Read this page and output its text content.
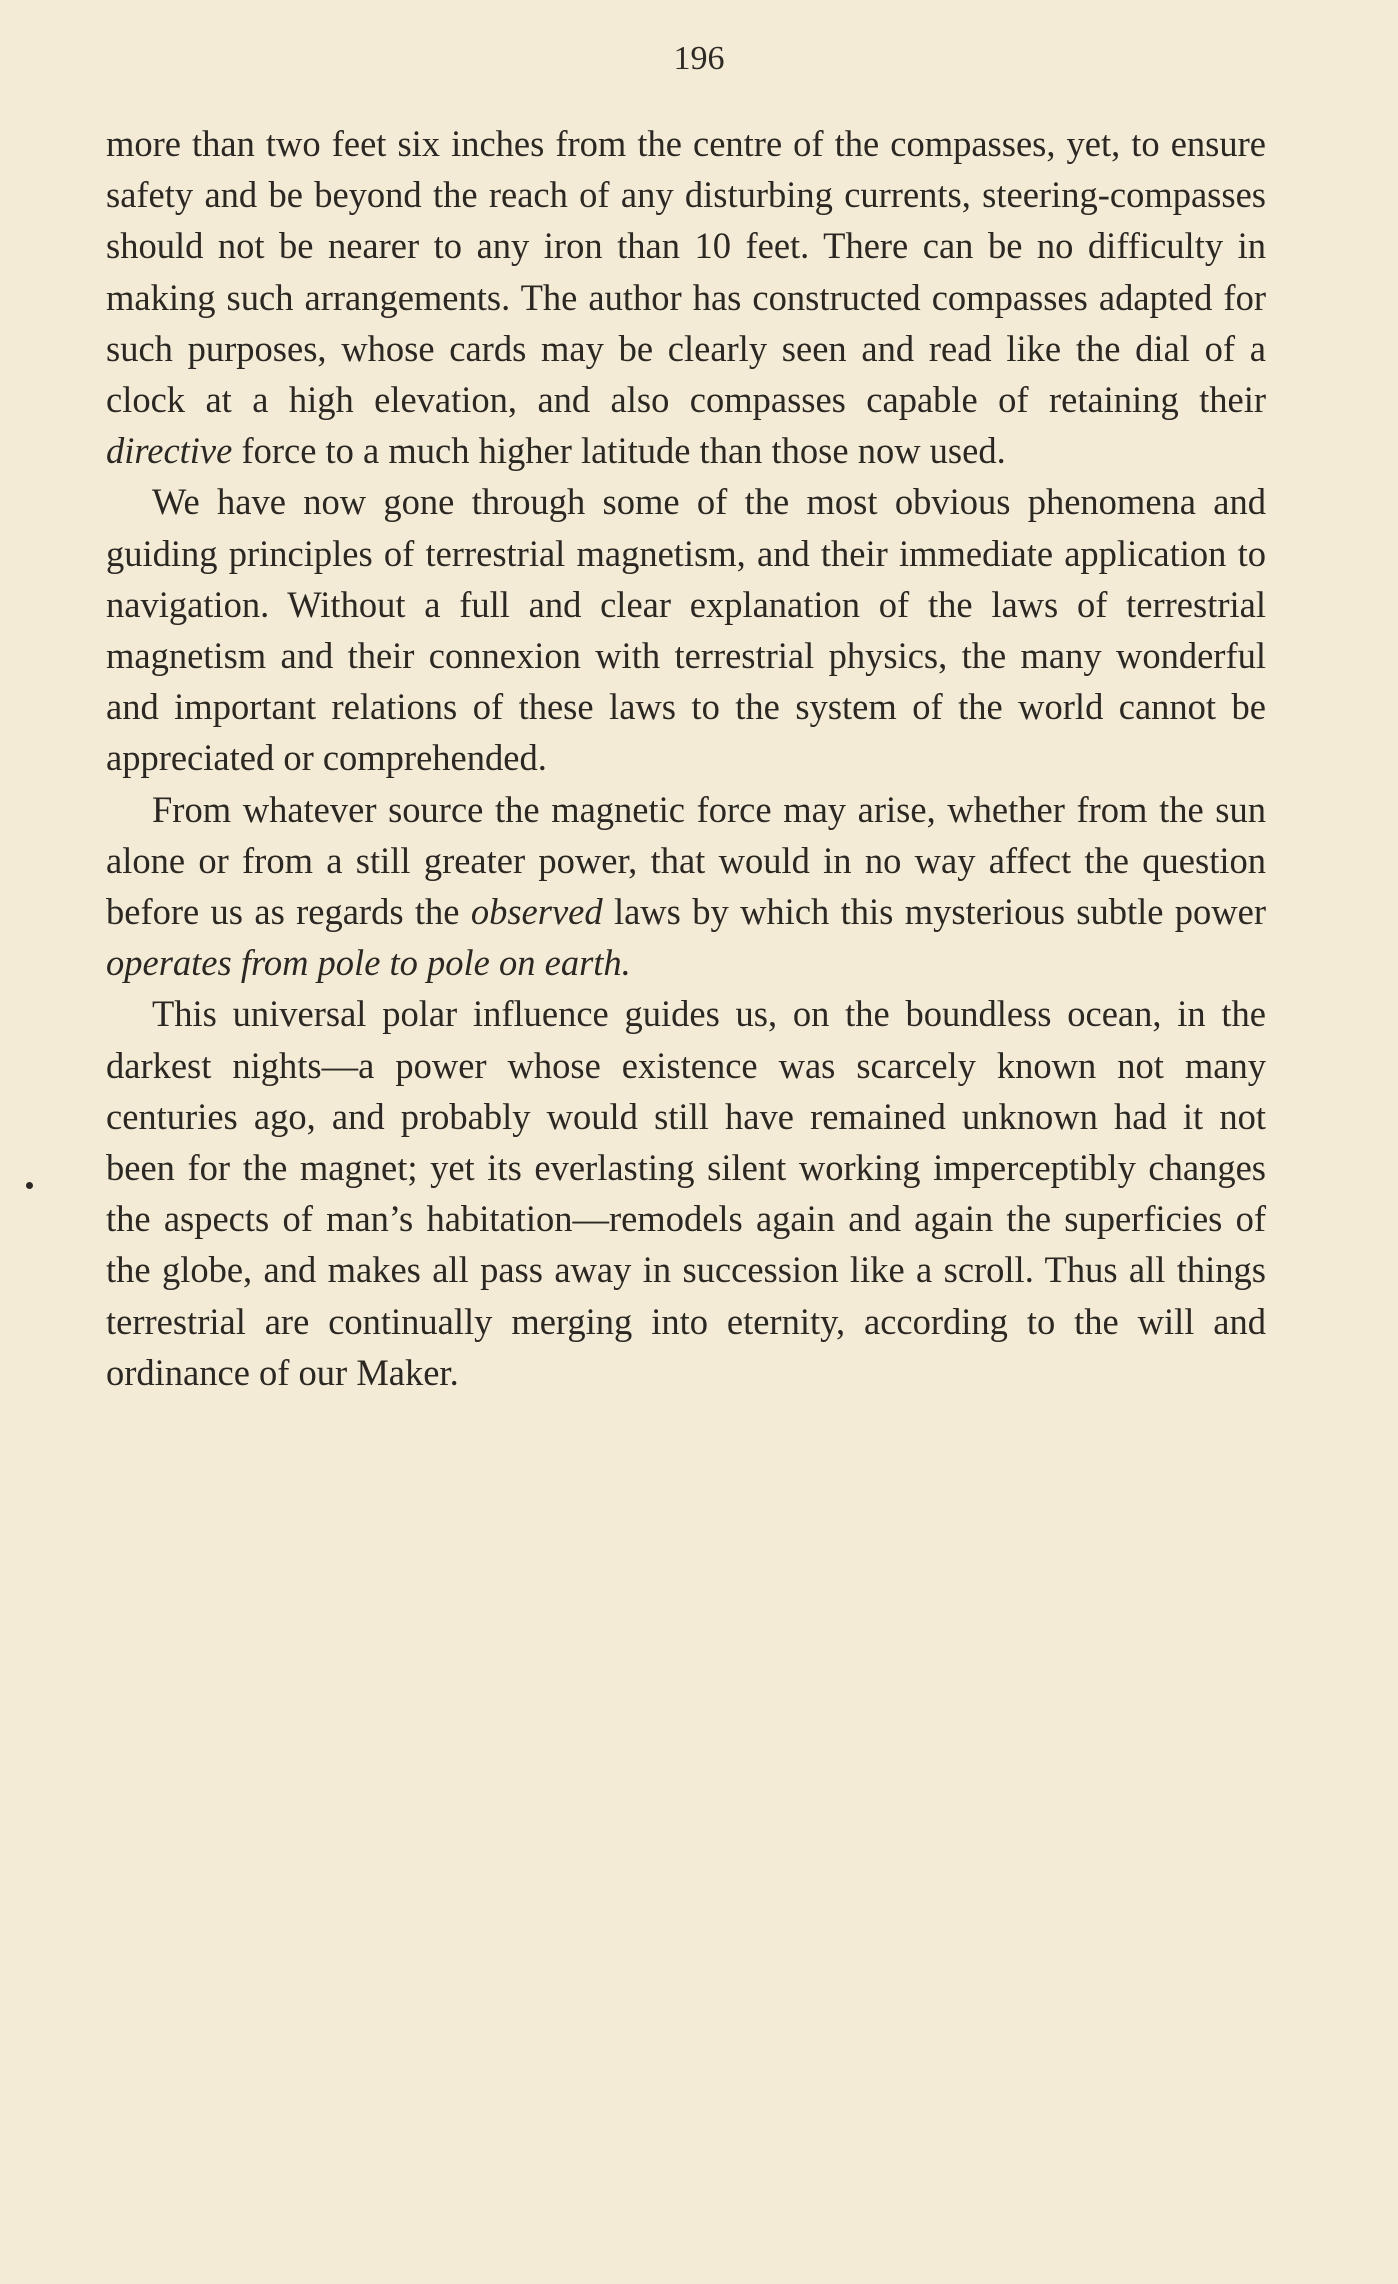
196

more than two feet six inches from the centre of the compasses, yet, to ensure safety and be beyond the reach of any disturbing currents, steering-compasses should not be nearer to any iron than 10 feet. There can be no difficulty in making such arrangements. The author has constructed compasses adapted for such purposes, whose cards may be clearly seen and read like the dial of a clock at a high elevation, and also compasses capable of retaining their directive force to a much higher latitude than those now used.

We have now gone through some of the most obvious phenomena and guiding principles of terrestrial magnetism, and their immediate application to navigation. Without a full and clear explanation of the laws of terrestrial magnetism and their connexion with terrestrial physics, the many wonderful and important relations of these laws to the system of the world cannot be appreciated or comprehended.

From whatever source the magnetic force may arise, whether from the sun alone or from a still greater power, that would in no way affect the question before us as regards the observed laws by which this mysterious subtle power operates from pole to pole on earth.

This universal polar influence guides us, on the boundless ocean, in the darkest nights—a power whose existence was scarcely known not many centuries ago, and probably would still have remained unknown had it not been for the magnet; yet its everlasting silent working imperceptibly changes the aspects of man’s habitation—remodels again and again the superficies of the globe, and makes all pass away in succession like a scroll. Thus all things terrestrial are continually merging into eternity, according to the will and ordinance of our Maker.
